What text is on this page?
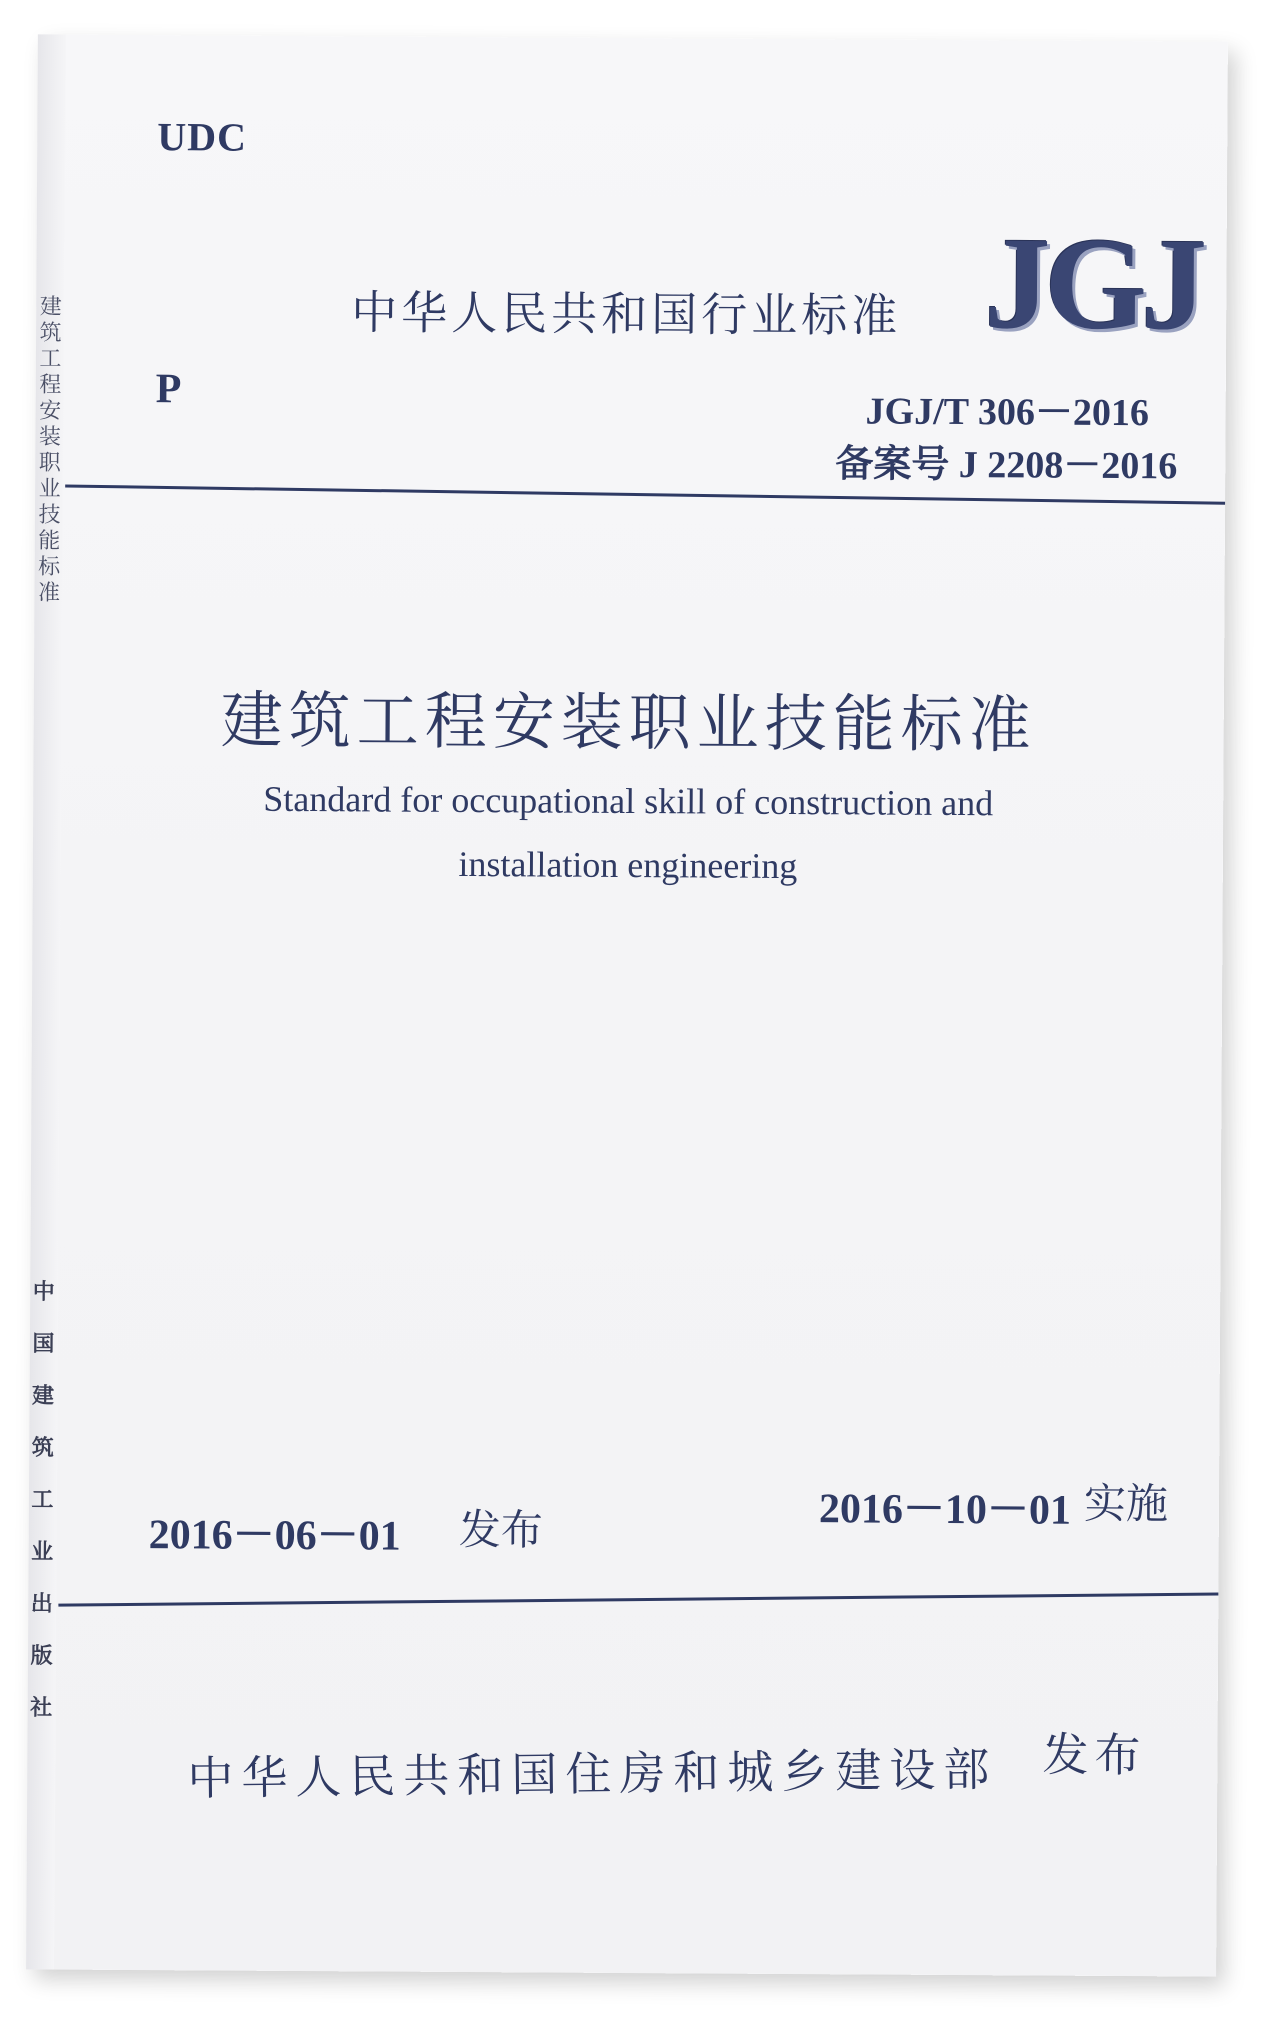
建筑工程安装职业技能标准
中国建筑工业出版社
UDC
中华人民共和国行业标准 JGJ
P
JGJ/T 306－2016
备案号 J 2208－2016
建筑工程安装职业技能标准
Standard for occupational skill of construction and
installation engineering
2016－06－01 发布	2016－10－01 实施
中华人民共和国住房和城乡建设部 发布
